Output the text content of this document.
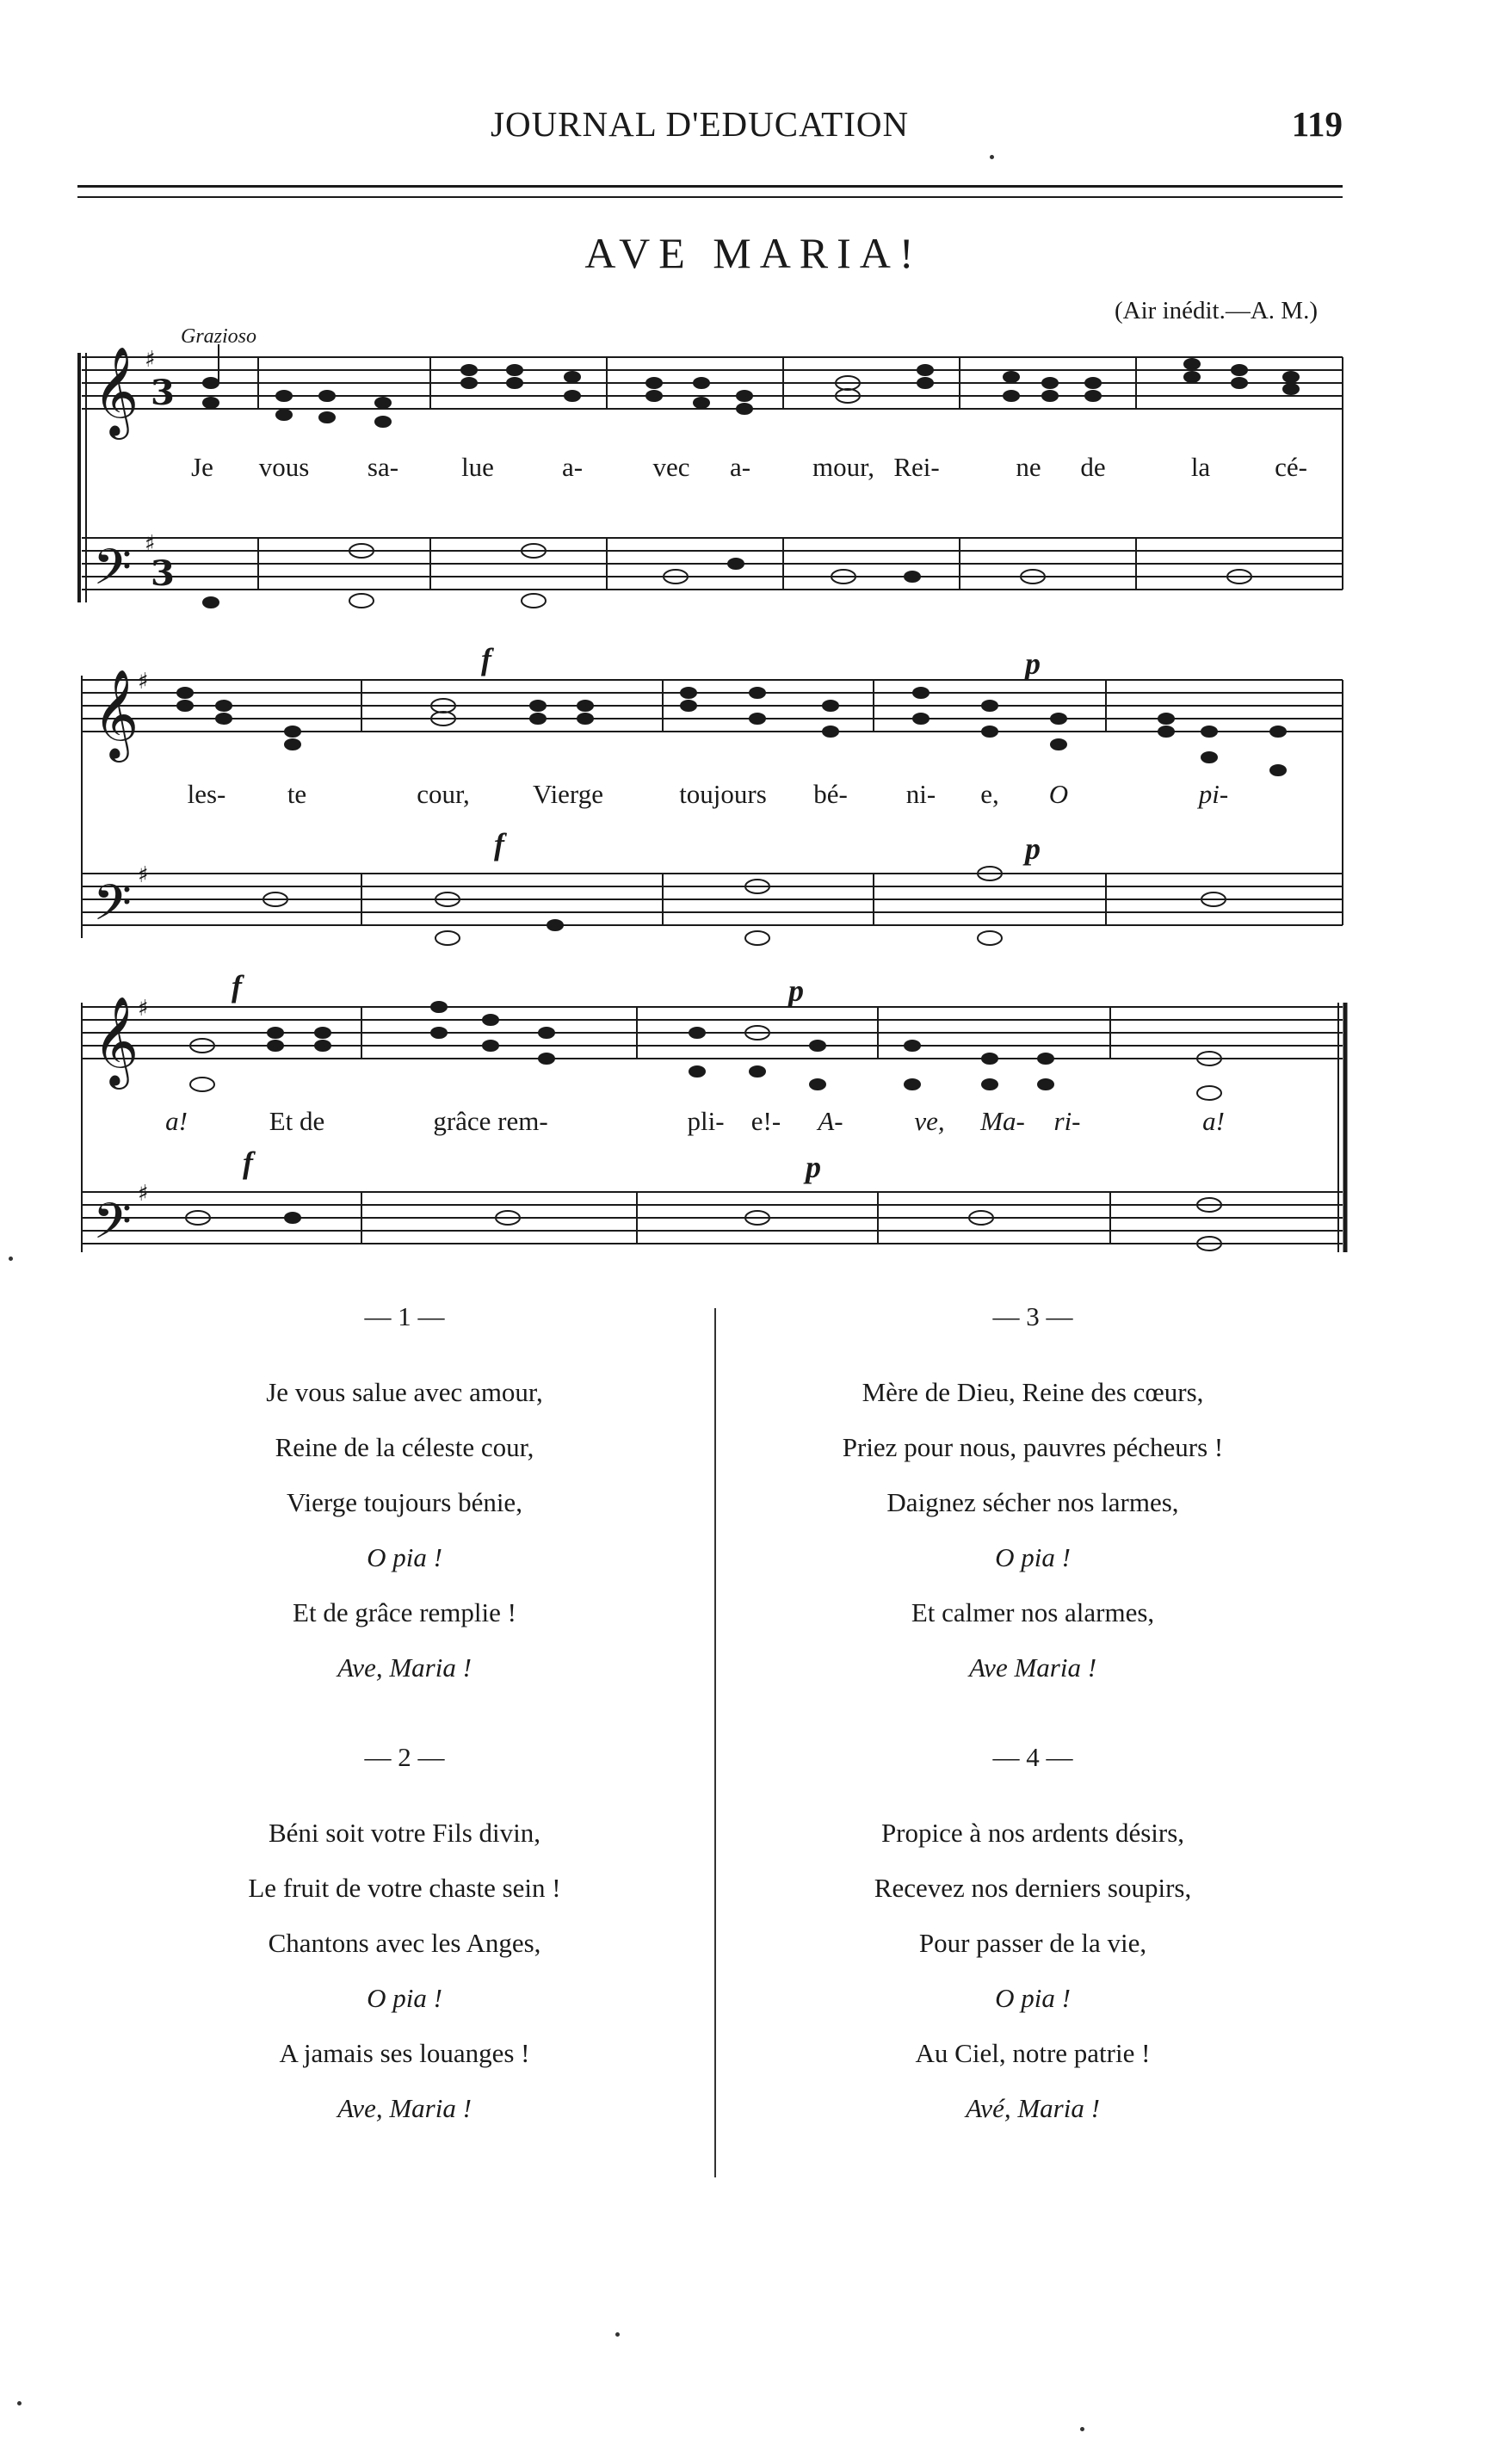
JOURNAL D'EDUCATION	119
AVE MARIA!
(Air inédit.—A. M.)
Grazioso
𝄞
𝄢
𝄞
𝄢
𝄞
𝄢
♯
3
♯
3
♯
♯
♯
♯
Je vous sa- lue	a-	vec a- mour, Rei-	ne de	la cé-
les- te	cour, Vierge	toujours bé- ni- e, O	pi-
a!	Et de	grâce rem-	pli- e!- A-	ve, Ma- ri-	a!
f	p
f	p
f	p
f	p

— 1 —

Je vous salue avec amour,

Reine de la céleste cour,

Vierge toujours bénie,

O pia !

Et de grâce remplie !

Ave, Maria !

— 2 —

Béni soit votre Fils divin,

Le fruit de votre chaste sein !

Chantons avec les Anges,

O pia !

A jamais ses louanges !

Ave, Maria !

— 3 —

Mère de Dieu, Reine des cœurs,

Priez pour nous, pauvres pécheurs !

Daignez sécher nos larmes,

O pia !

Et calmer nos alarmes,

Ave Maria !

— 4 —

Propice à nos ardents désirs,

Recevez nos derniers soupirs,

Pour passer de la vie,

O pia !

Au Ciel, notre patrie !

Avé, Maria !
